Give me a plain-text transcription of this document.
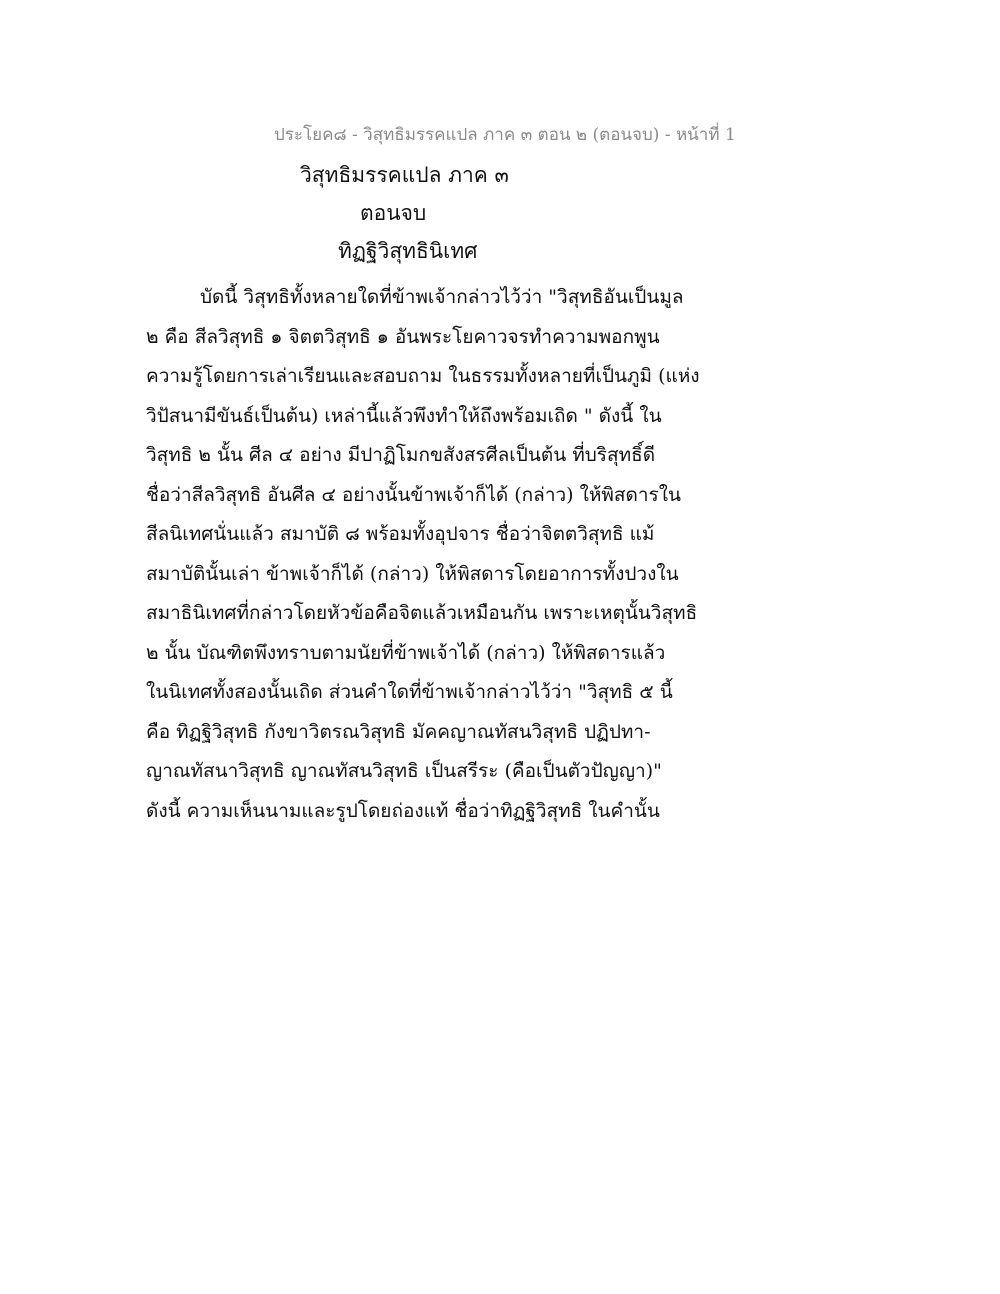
ประโยค๘ - วิสุทธิมรรคแปล ภาค ๓ ตอน ๒ (ตอนจบ) - หน้าที่ 1
วิสุทธิมรรคแปล ภาค ๓
ตอนจบ
ทิฏฐิวิสุทธินิเทศ
บัดนี้ วิสุทธิทั้งหลายใดที่ข้าพเจ้ากล่าวไว้ว่า "วิสุทธิอันเป็นมูล
๒ คือ สีลวิสุทธิ ๑ จิตตวิสุทธิ ๑ อันพระโยคาวจรทำความพอกพูน
ความรู้โดยการเล่าเรียนและสอบถาม ในธรรมทั้งหลายที่เป็นภูมิ (แห่ง
วิปัสนามีขันธ์เป็นต้น) เหล่านี้แล้วพึงทำให้ถึงพร้อมเถิด " ดังนี้ ใน
วิสุทธิ ๒ นั้น ศีล ๔ อย่าง มีปาฏิโมกขสังสรศีลเป็นต้น ที่บริสุทธิ์ดี
ชื่อว่าสีลวิสุทธิ อันศีล ๔ อย่างนั้นข้าพเจ้าก็ได้ (กล่าว) ให้พิสดารใน
สีลนิเทศนั่นแล้ว สมาบัติ ๘ พร้อมทั้งอุปจาร ชื่อว่าจิตตวิสุทธิ แม้
สมาบัตินั้นเล่า ข้าพเจ้าก็ได้ (กล่าว) ให้พิสดารโดยอาการทั้งปวงใน
สมาธินิเทศที่กล่าวโดยหัวข้อคือจิตแล้วเหมือนกัน เพราะเหตุนั้นวิสุทธิ
๒ นั้น บัณฑิตพึงทราบตามนัยที่ข้าพเจ้าได้ (กล่าว) ให้พิสดารแล้ว
ในนิเทศทั้งสองนั้นเถิด ส่วนคำใดที่ข้าพเจ้ากล่าวไว้ว่า "วิสุทธิ ๕ นี้
คือ ทิฏฐิวิสุทธิ กังขาวิตรณวิสุทธิ มัคคญาณทัสนวิสุทธิ ปฏิปทา-
ญาณทัสนาวิสุทธิ ญาณทัสนวิสุทธิ เป็นสรีระ (คือเป็นตัวปัญญา)"
ดังนี้ ความเห็นนามและรูปโดยถ่องแท้ ชื่อว่าทิฏฐิวิสุทธิ ในคำนั้น
